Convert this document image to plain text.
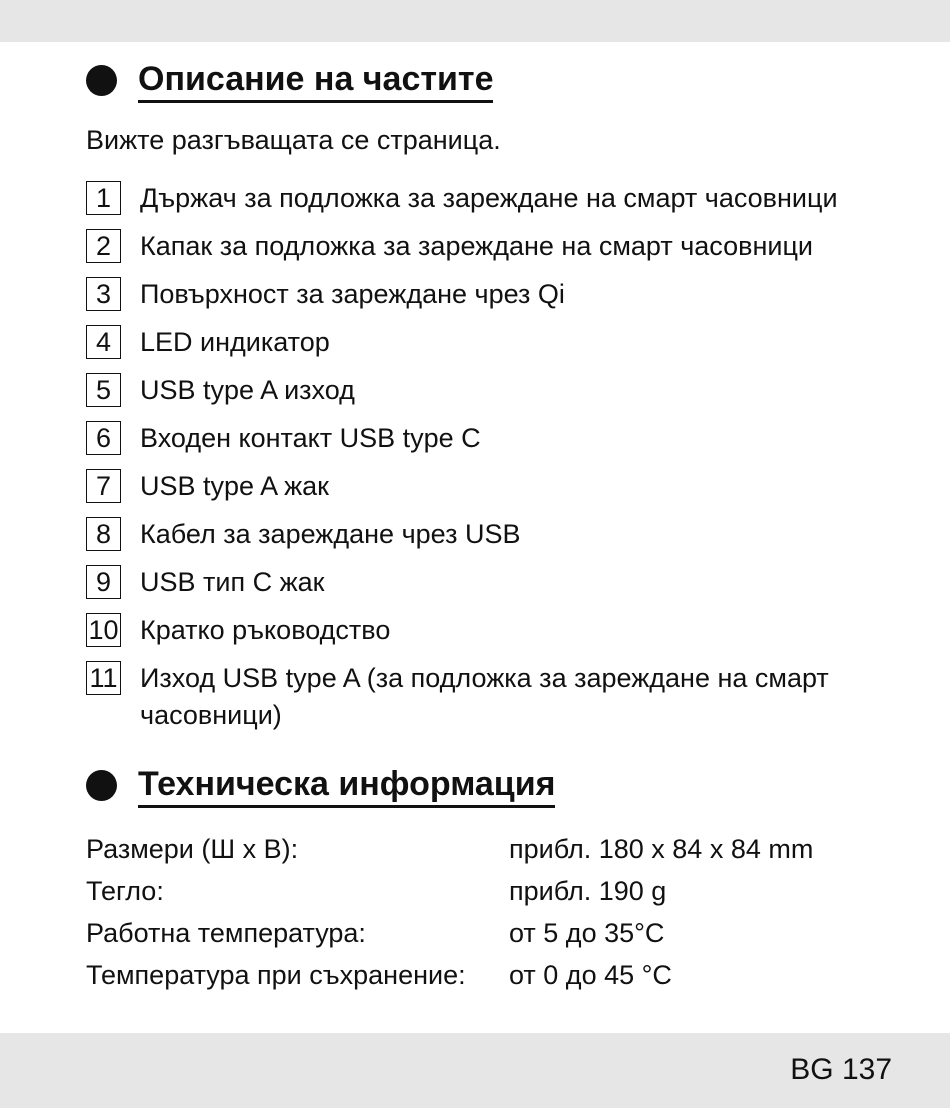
Описание на частите
Вижте разгъващата се страница.
1	Държач за подложка за зареждане на смарт часовници
2	Капак за подложка за зареждане на смарт часовници
3	Повърхност за зареждане чрез Qi
4	LED индикатор
5	USB type A изход
6	Входен контакт USB type C
7	USB type A жак
8	Кабел за зареждане чрез USB
9	USB тип C жак
10 Кратко ръководство
11 Изход USB type A (за подложка за зареждане на смарт часовници)
Техническа информация
Размери (Ш x В):	прибл. 180 x 84 x 84 mm
Тегло:	прибл. 190 g
Работна температура:	от 5 до 35°C
Температура при съхранение:	от 0 до 45 °C
BG 137
